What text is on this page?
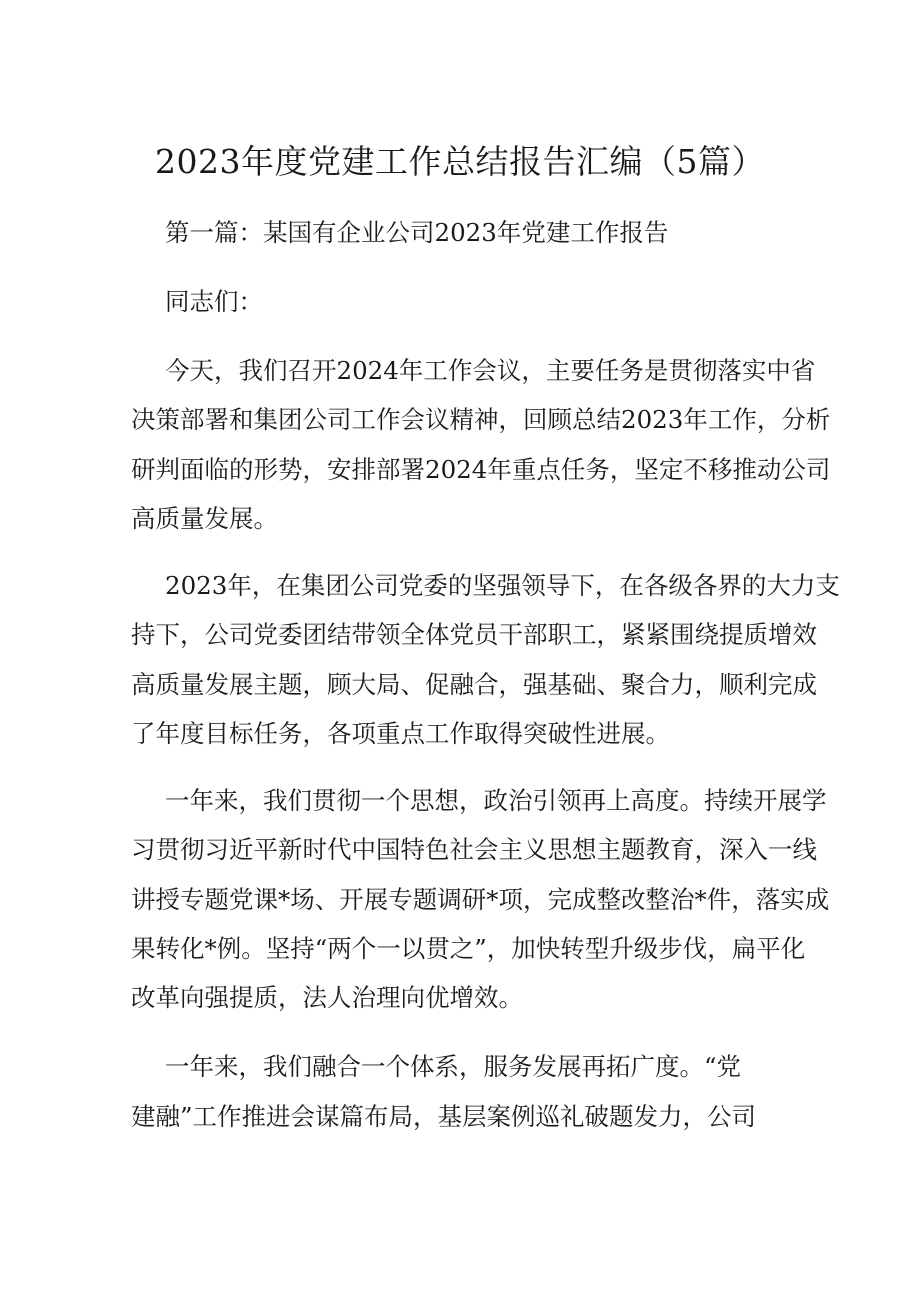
2023年度党建工作总结报告汇编（5篇）
第一篇：某国有企业公司2023年党建工作报告
同志们：
今天，我们召开2024年工作会议，主要任务是贯彻落实中省
决策部署和集团公司工作会议精神，回顾总结2023年工作，分析
研判面临的形势，安排部署2024年重点任务，坚定不移推动公司
高质量发展。
2023年，在集团公司党委的坚强领导下，在各级各界的大力支
持下，公司党委团结带领全体党员干部职工，紧紧围绕提质增效
高质量发展主题，顾大局、促融合，强基础、聚合力，顺利完成
了年度目标任务，各项重点工作取得突破性进展。
一年来，我们贯彻一个思想，政治引领再上高度。持续开展学
习贯彻习近平新时代中国特色社会主义思想主题教育，深入一线
讲授专题党课*场、开展专题调研*项，完成整改整治*件，落实成
果转化*例。坚持“两个一以贯之”，加快转型升级步伐，扁平化
改革向强提质，法人治理向优增效。
一年来，我们融合一个体系，服务发展再拓广度。“党
建融”工作推进会谋篇布局，基层案例巡礼破题发力，公司
